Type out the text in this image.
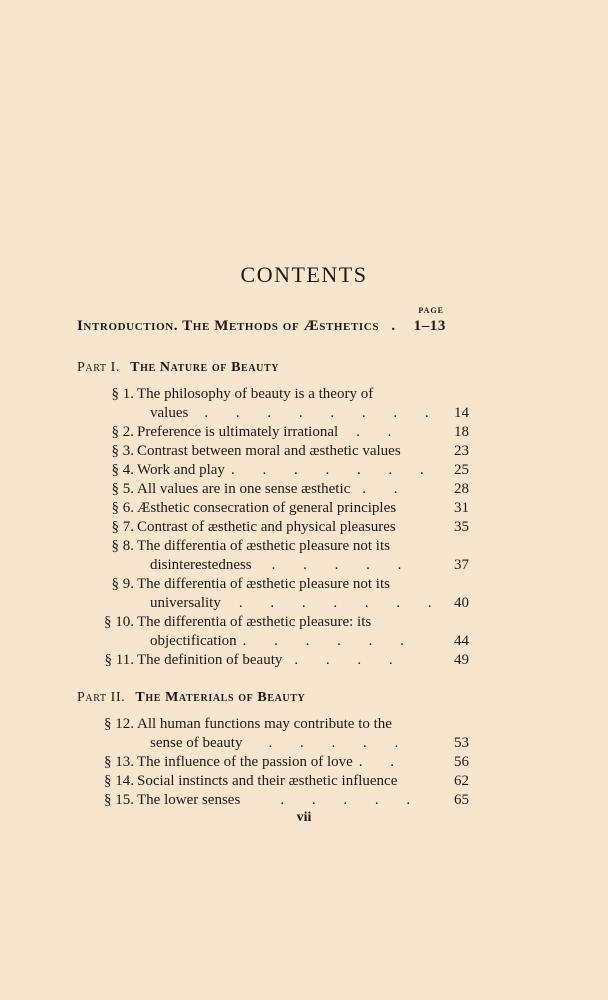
CONTENTS
PAGE
Introduction. The Methods of Æsthetics . 1–13
Part I. The Nature of Beauty
§ 1. The philosophy of beauty is a theory of
values . . . . . . . . 14
§ 2. Preference is ultimately irrational . .	18
§ 3. Contrast between moral and æsthetic values	23
§ 4. Work and play . . . . . . .	25
§ 5. All values are in one sense æsthetic . .	28
§ 6. Æsthetic consecration of general principles	31
§ 7. Contrast of æsthetic and physical pleasures	35
§ 8. The differentia of æsthetic pleasure not its
disinterestedness . . . . .	37
§ 9. The differentia of æsthetic pleasure not its
universality . . . . . . . 40
§ 10. The differentia of æsthetic pleasure: its
objectification . . . . . .	44
§ 11. The definition of beauty . . . .	49
Part II. The Materials of Beauty
§ 12. All human functions may contribute to the
sense of beauty . . . . .	53
§ 13. The influence of the passion of love . .	56
§ 14. Social instincts and their æsthetic influence	62
§ 15. The lower senses	. . . . .	65
vii
